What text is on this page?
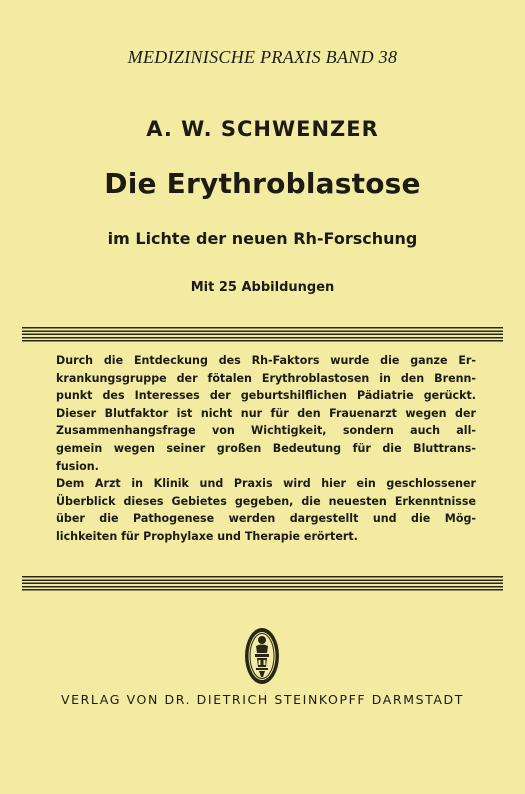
MEDIZINISCHE PRAXIS BAND 38
A. W. SCHWENZER
Die Erythroblastose
im Lichte der neuen Rh-Forschung
Mit 25 Abbildungen
Durch die Entdeckung des Rh-Faktors wurde die ganze Er-
krankungsgruppe der fötalen Erythroblastosen in den Brenn-
punkt des Interesses der geburtshilflichen Pädiatrie gerückt.
Dieser Blutfaktor ist nicht nur für den Frauenarzt wegen der
Zusammenhangsfrage von Wichtigkeit, sondern auch all-
gemein wegen seiner großen Bedeutung für die Bluttrans-
fusion.
Dem Arzt in Klinik und Praxis wird hier ein geschlossener
Überblick dieses Gebietes gegeben, die neuesten Erkenntnisse
über die Pathogenese werden dargestellt und die Mög-
lichkeiten für Prophylaxe und Therapie erörtert.
VERLAG VON DR. DIETRICH STEINKOPFF DARMSTADT
